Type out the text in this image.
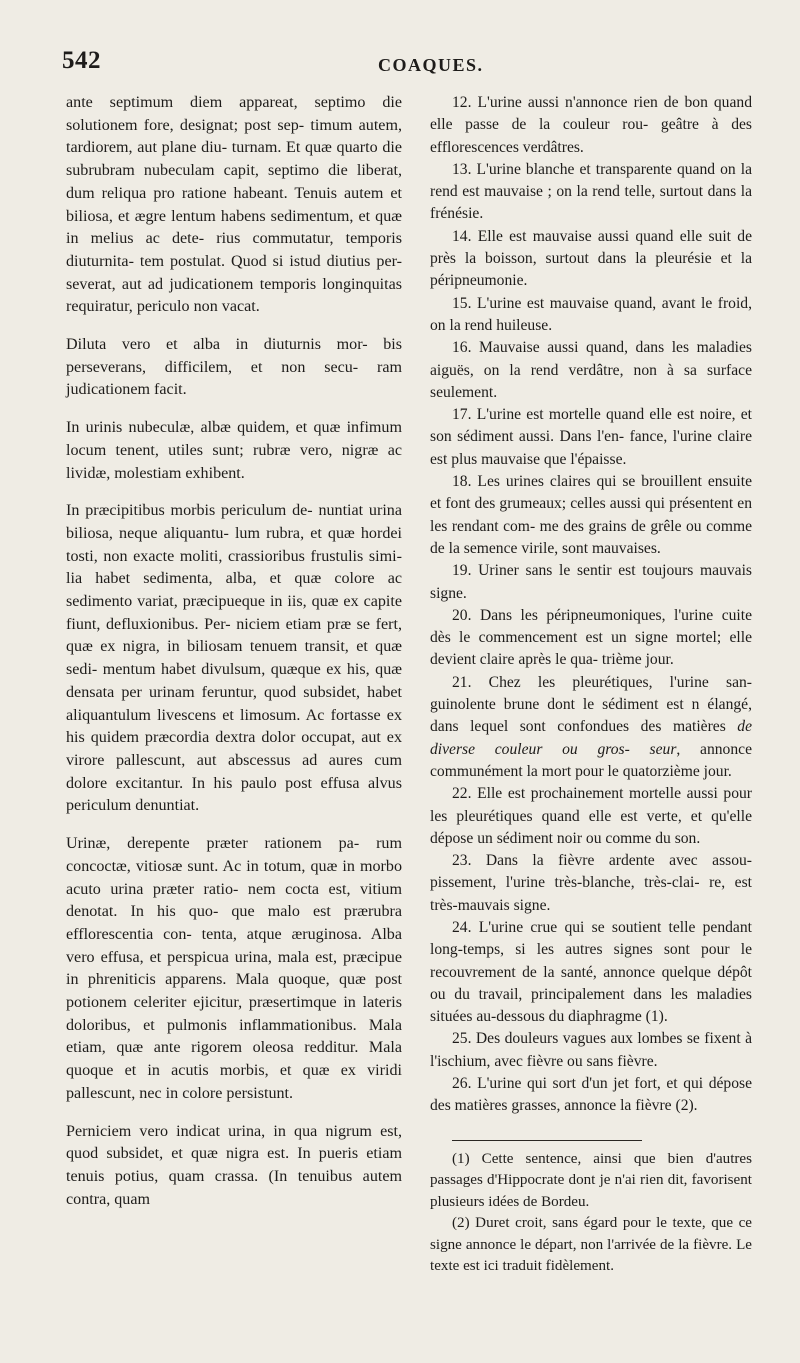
542	COAQUES.

ante septimum diem appareat, septimo die solutionem fore, designat; post sep- timum autem, tardiorem, aut plane diu- turnam. Et quæ quarto die subrubram nubeculam capit, septimo die liberat, dum reliqua pro ratione habeant. Tenuis autem et biliosa, et ægre lentum habens sedimentum, et quæ in melius ac dete- rius commutatur, temporis diuturnita- tem postulat. Quod si istud diutius per- severat, aut ad judicationem temporis longinquitas requiratur, periculo non vacat.

Diluta vero et alba in diuturnis mor- bis perseverans, difficilem, et non secu- ram judicationem facit.

In urinis nubeculæ, albæ quidem, et quæ infimum locum tenent, utiles sunt; rubræ vero, nigræ ac lividæ, molestiam exhibent.

In præcipitibus morbis periculum de- nuntiat urina biliosa, neque aliquantu- lum rubra, et quæ hordei tosti, non exacte moliti, crassioribus frustulis simi- lia habet sedimenta, alba, et quæ colore ac sedimento variat, præcipueque in iis, quæ ex capite fiunt, defluxionibus. Per- niciem etiam præ se fert, quæ ex nigra, in biliosam tenuem transit, et quæ sedi- mentum habet divulsum, quæque ex his, quæ densata per urinam feruntur, quod subsidet, habet aliquantulum livescens et limosum. Ac fortasse ex his quidem præcordia dextra dolor occupat, aut ex virore pallescunt, aut abscessus ad aures cum dolore excitantur. In his paulo post effusa alvus periculum denuntiat.

Urinæ, derepente præter rationem pa- rum concoctæ, vitiosæ sunt. Ac in totum, quæ in morbo acuto urina præter ratio- nem cocta est, vitium denotat. In his quo- que malo est prærubra efflorescentia con- tenta, atque æruginosa. Alba vero effusa, et perspicua urina, mala est, præcipue in phreniticis apparens. Mala quoque, quæ post potionem celeriter ejicitur, præsertimque in lateris doloribus, et pulmonis inflammationibus. Mala etiam, quæ ante rigorem oleosa redditur. Mala quoque et in acutis morbis, et quæ ex viridi pallescunt, nec in colore persistunt.

Perniciem vero indicat urina, in qua nigrum est, quod subsidet, et quæ nigra est. In pueris etiam tenuis potius, quam crassa. (In tenuibus autem contra, quam

12. L'urine aussi n'annonce rien de bon quand elle passe de la couleur rou- geâtre à des efflorescences verdâtres.

13. L'urine blanche et transparente quand on la rend est mauvaise ; on la rend telle, surtout dans la frénésie.

14. Elle est mauvaise aussi quand elle suit de près la boisson, surtout dans la pleurésie et la péripneumonie.

15. L'urine est mauvaise quand, avant le froid, on la rend huileuse.

16. Mauvaise aussi quand, dans les maladies aiguës, on la rend verdâtre, non à sa surface seulement.

17. L'urine est mortelle quand elle est noire, et son sédiment aussi. Dans l'en- fance, l'urine claire est plus mauvaise que l'épaisse.

18. Les urines claires qui se brouillent ensuite et font des grumeaux; celles aussi qui présentent en les rendant com- me des grains de grêle ou comme de la semence virile, sont mauvaises.

19. Uriner sans le sentir est toujours mauvais signe.

20. Dans les péripneumoniques, l'urine cuite dès le commencement est un signe mortel; elle devient claire après le qua- trième jour.

21. Chez les pleurétiques, l'urine san- guinolente brune dont le sédiment est n élangé, dans lequel sont confondues des matières de diverse couleur ou gros- seur, annonce communément la mort pour le quatorzième jour.

22. Elle est prochainement mortelle aussi pour les pleurétiques quand elle est verte, et qu'elle dépose un sédiment noir ou comme du son.

23. Dans la fièvre ardente avec assou- pissement, l'urine très-blanche, très-clai- re, est très-mauvais signe.

24. L'urine crue qui se soutient telle pendant long-temps, si les autres signes sont pour le recouvrement de la santé, annonce quelque dépôt ou du travail, principalement dans les maladies situées au-dessous du diaphragme (1).

25. Des douleurs vagues aux lombes se fixent à l'ischium, avec fièvre ou sans fièvre.

26. L'urine qui sort d'un jet fort, et qui dépose des matières grasses, annonce la fièvre (2).

(1) Cette sentence, ainsi que bien d'autres passages d'Hippocrate dont je n'ai rien dit, favorisent plusieurs idées de Bordeu.

(2) Duret croit, sans égard pour le texte, que ce signe annonce le départ, non l'arrivée de la fièvre. Le texte est ici traduit fidèlement.
